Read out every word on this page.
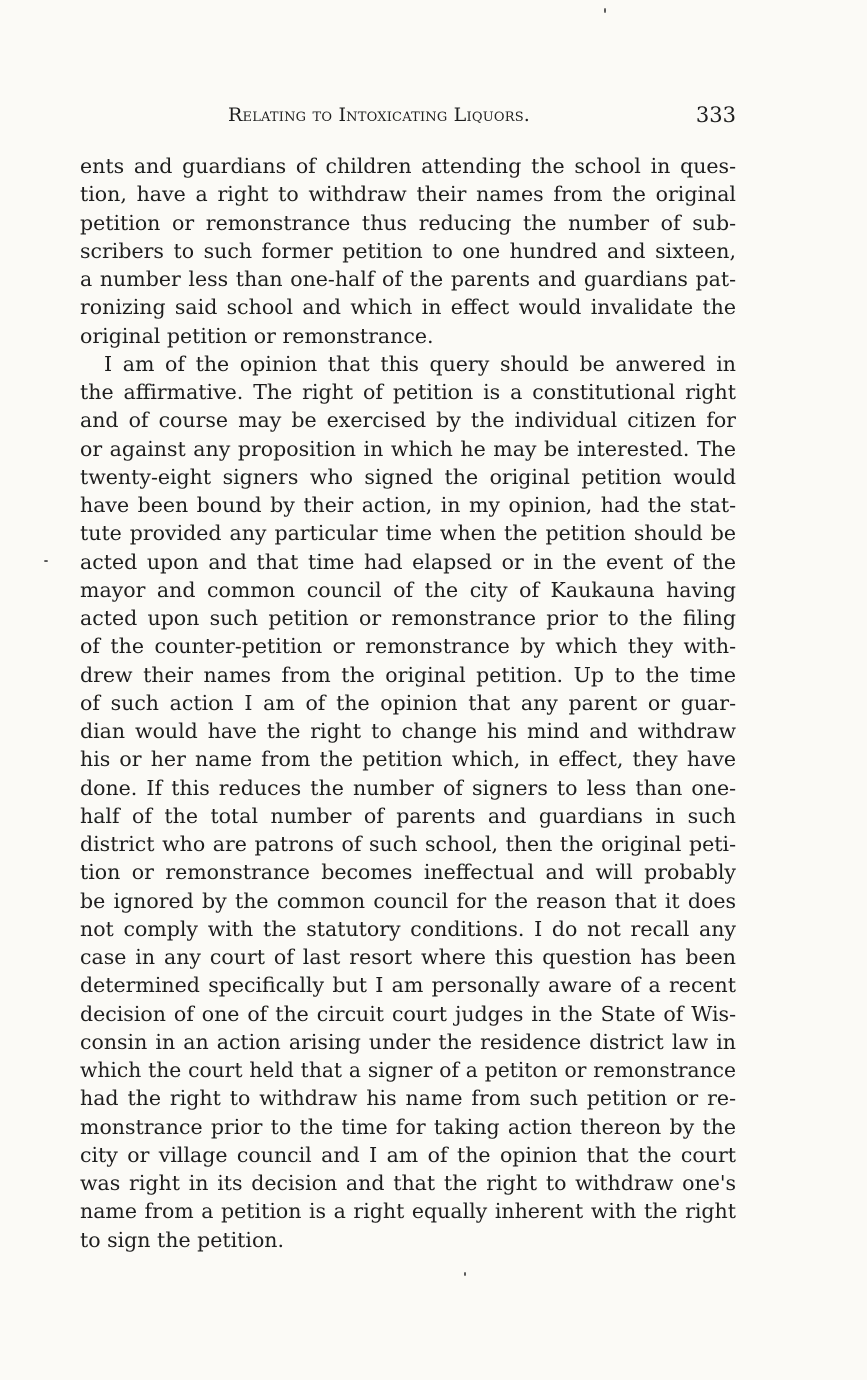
Relating to Intoxicating Liquors.	333
ents and guardians of children attending the school in ques-
tion, have a right to withdraw their names from the original
petition or remonstrance thus reducing the number of sub-
scribers to such former petition to one hundred and sixteen,
a number less than one-half of the parents and guardians pat-
ronizing said school and which in effect would invalidate the
original petition or remonstrance.
I am of the opinion that this query should be anwered in
the affirmative. The right of petition is a constitutional right
and of course may be exercised by the individual citizen for
or against any proposition in which he may be interested. The
twenty-eight signers who signed the original petition would
have been bound by their action, in my opinion, had the stat-
tute provided any particular time when the petition should be
acted upon and that time had elapsed or in the event of the
mayor and common council of the city of Kaukauna having
acted upon such petition or remonstrance prior to the filing
of the counter-petition or remonstrance by which they with-
drew their names from the original petition. Up to the time
of such action I am of the opinion that any parent or guar-
dian would have the right to change his mind and withdraw
his or her name from the petition which, in effect, they have
done. If this reduces the number of signers to less than one-
half of the total number of parents and guardians in such
district who are patrons of such school, then the original peti-
tion or remonstrance becomes ineffectual and will probably
be ignored by the common council for the reason that it does
not comply with the statutory conditions. I do not recall any
case in any court of last resort where this question has been
determined specifically but I am personally aware of a recent
decision of one of the circuit court judges in the State of Wis-
consin in an action arising under the residence district law in
which the court held that a signer of a petiton or remonstrance
had the right to withdraw his name from such petition or re-
monstrance prior to the time for taking action thereon by the
city or village council and I am of the opinion that the court
was right in its decision and that the right to withdraw one's
name from a petition is a right equally inherent with the right
to sign the petition.
